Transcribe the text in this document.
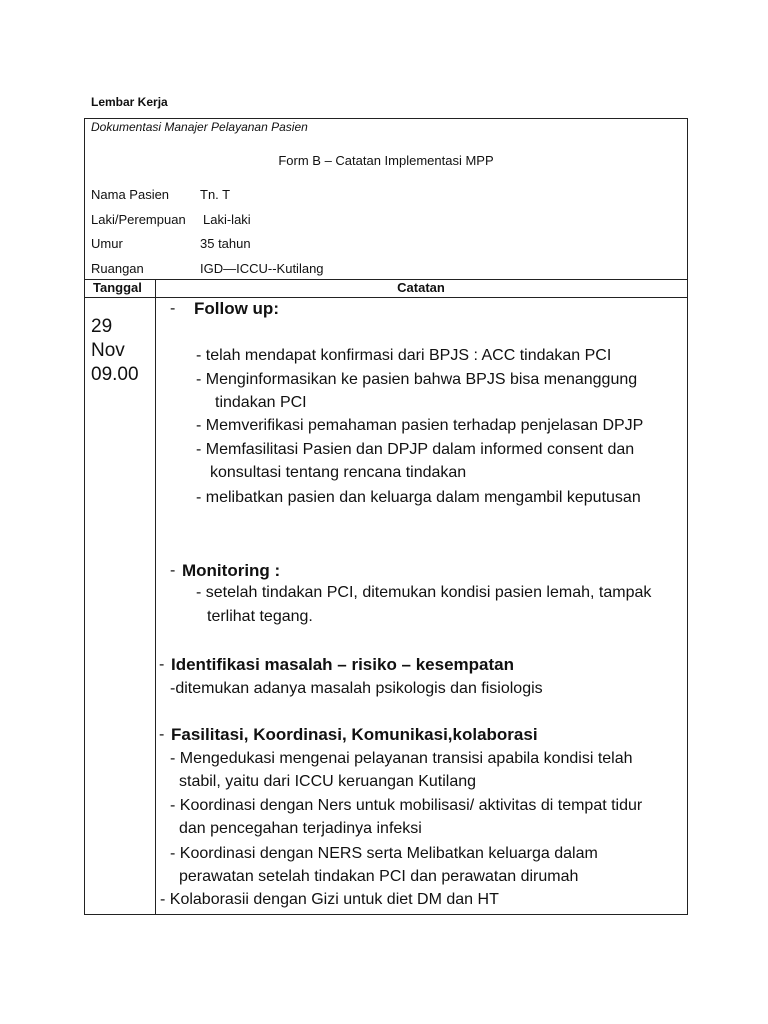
Lembar Kerja
Dokumentasi Manajer Pelayanan Pasien
Form B – Catatan Implementasi MPP
Nama Pasien Tn. T
Laki/Perempuan Laki-laki
Umur	35 tahun
Ruangan	IGD—ICCU--Kutilang
Tanggal	Catatan
29
Nov
09.00
- Follow up:
- telah mendapat konfirmasi dari BPJS : ACC tindakan PCI
- Menginformasikan ke pasien bahwa BPJS bisa menanggung
tindakan PCI
- Memverifikasi pemahaman pasien terhadap penjelasan DPJP
- Memfasilitasi Pasien dan DPJP dalam informed consent dan
konsultasi tentang rencana tindakan
- melibatkan pasien dan keluarga dalam mengambil keputusan
- Monitoring :
- setelah tindakan PCI, ditemukan kondisi pasien lemah, tampak
terlihat tegang.
- Identifikasi masalah – risiko – kesempatan
-ditemukan adanya masalah psikologis dan fisiologis
- Fasilitasi, Koordinasi, Komunikasi,kolaborasi
- Mengedukasi mengenai pelayanan transisi apabila kondisi telah
stabil, yaitu dari ICCU keruangan Kutilang
- Koordinasi dengan Ners untuk mobilisasi/ aktivitas di tempat tidur
dan pencegahan terjadinya infeksi
- Koordinasi dengan NERS serta Melibatkan keluarga dalam
perawatan setelah tindakan PCI dan perawatan dirumah
- Kolaborasii dengan Gizi untuk diet DM dan HT
